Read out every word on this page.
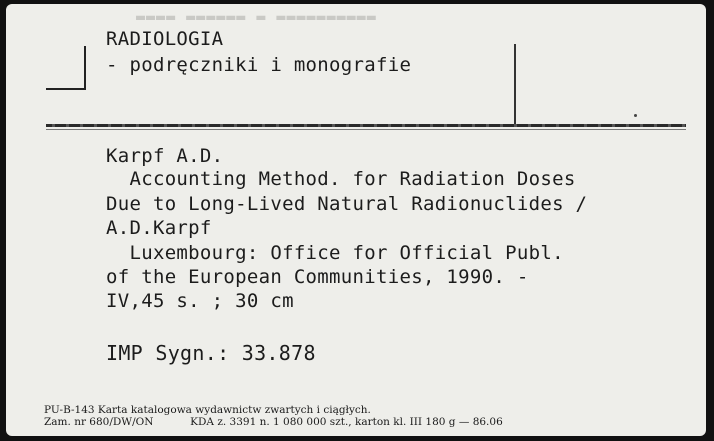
▬▬▬▬ ▬▬▬▬▬▬ ▬ ▬▬▬▬▬▬▬▬▬▬
RADIOLOGIA
- podręczniki i monografie
Karpf A.D.
Accounting Method. for Radiation Doses
Due to Long-Lived Natural Radionuclides /
A.D.Karpf
Luxembourg: Office for Official Publ.
of the European Communities, 1990. -
IV,45 s. ; 30 cm
IMP Sygn.: 33.878
PU-B-143 Karta katalogowa wydawnictw zwartych i ciągłych.
Zam. nr 680/DW/ON           KDA z. 3391 n. 1 080 000 szt., karton kl. III 180 g — 86.06
